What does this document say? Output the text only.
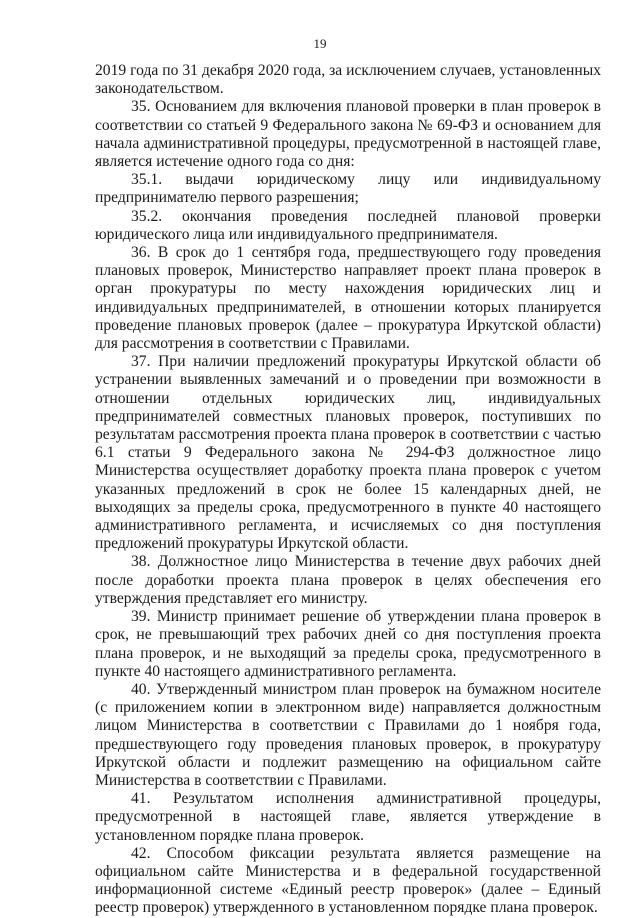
19

2019 года по 31 декабря 2020 года, за исключением случаев, установленных законодательством.

35. Основанием для включения плановой проверки в план проверок в соответствии со статьей 9 Федерального закона № 69-ФЗ и основанием для начала административной процедуры, предусмотренной в настоящей главе, является истечение одного года со дня:

35.1. выдачи юридическому лицу или индивидуальному предпринимателю первого разрешения;

35.2. окончания проведения последней плановой проверки юридического лица или индивидуального предпринимателя.

36. В срок до 1 сентября года, предшествующего году проведения плановых проверок, Министерство направляет проект плана проверок в орган прокуратуры по месту нахождения юридических лиц и индивидуальных предпринимателей, в отношении которых планируется проведение плановых проверок (далее – прокуратура Иркутской области) для рассмотрения в соответствии с Правилами.

37. При наличии предложений прокуратуры Иркутской области об устранении выявленных замечаний и о проведении при возможности в отношении отдельных юридических лиц, индивидуальных предпринимателей совместных плановых проверок, поступивших по результатам рассмотрения проекта плана проверок в соответствии с частью 6.1 статьи 9 Федерального закона № 294-ФЗ должностное лицо Министерства осуществляет доработку проекта плана проверок с учетом указанных предложений в срок не более 15 календарных дней, не выходящих за пределы срока, предусмотренного в пункте 40 настоящего административного регламента, и исчисляемых со дня поступления предложений прокуратуры Иркутской области.

38. Должностное лицо Министерства в течение двух рабочих дней после доработки проекта плана проверок в целях обеспечения его утверждения представляет его министру.

39. Министр принимает решение об утверждении плана проверок в срок, не превышающий трех рабочих дней со дня поступления проекта плана проверок, и не выходящий за пределы срока, предусмотренного в пункте 40 настоящего административного регламента.

40. Утвержденный министром план проверок на бумажном носителе (с приложением копии в электронном виде) направляется должностным лицом Министерства в соответствии с Правилами до 1 ноября года, предшествующего году проведения плановых проверок, в прокуратуру Иркутской области и подлежит размещению на официальном сайте Министерства в соответствии с Правилами.

41. Результатом исполнения административной процедуры, предусмотренной в настоящей главе, является утверждение в установленном порядке плана проверок.

42. Способом фиксации результата является размещение на официальном сайте Министерства и в федеральной государственной информационной системе «Единый реестр проверок» (далее – Единый реестр проверок) утвержденного в установленном порядке плана проверок.
